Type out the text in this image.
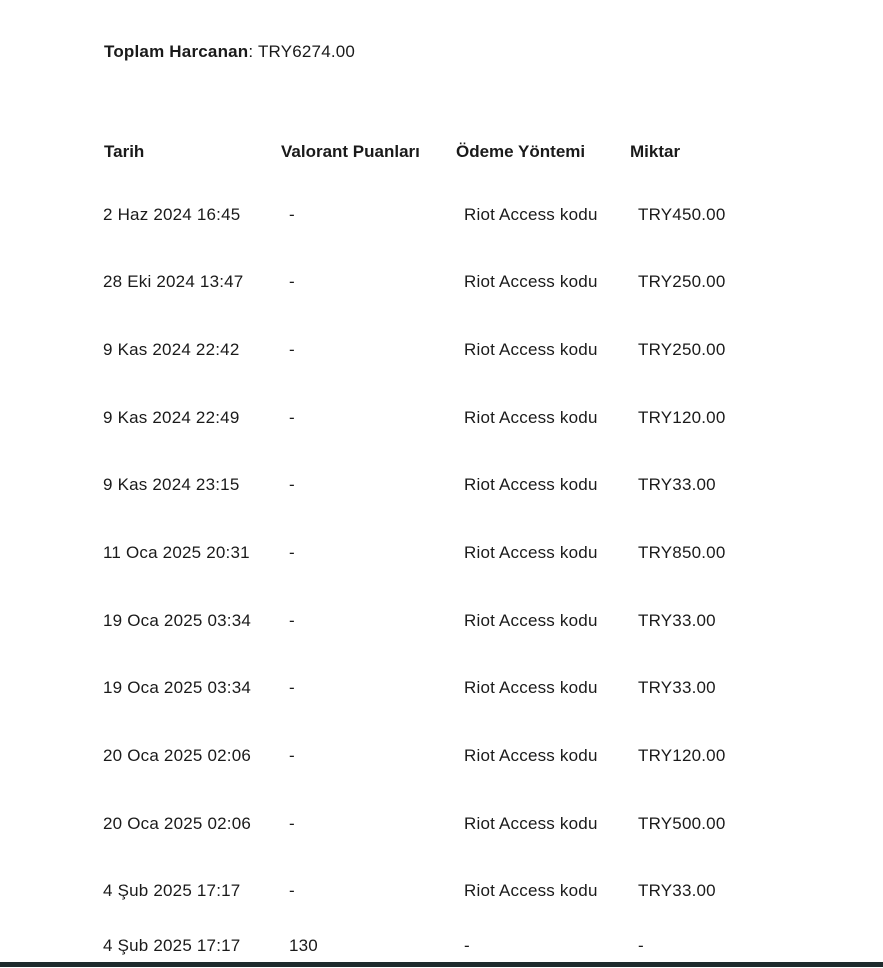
Toplam Harcanan: TRY6274.00
Tarih	Valorant Puanları	Ödeme Yöntemi	Miktar
2 Haz 2024 16:45	-	Riot Access kodu	TRY450.00
28 Eki 2024 13:47	-	Riot Access kodu	TRY250.00
9 Kas 2024 22:42	-	Riot Access kodu	TRY250.00
9 Kas 2024 22:49	-	Riot Access kodu	TRY120.00
9 Kas 2024 23:15	-	Riot Access kodu	TRY33.00
11 Oca 2025 20:31	-	Riot Access kodu	TRY850.00
19 Oca 2025 03:34	-	Riot Access kodu	TRY33.00
19 Oca 2025 03:34	-	Riot Access kodu	TRY33.00
20 Oca 2025 02:06	-	Riot Access kodu	TRY120.00
20 Oca 2025 02:06	-	Riot Access kodu	TRY500.00
4 Şub 2025 17:17	-	Riot Access kodu	TRY33.00
4 Şub 2025 17:17	130	-	-
